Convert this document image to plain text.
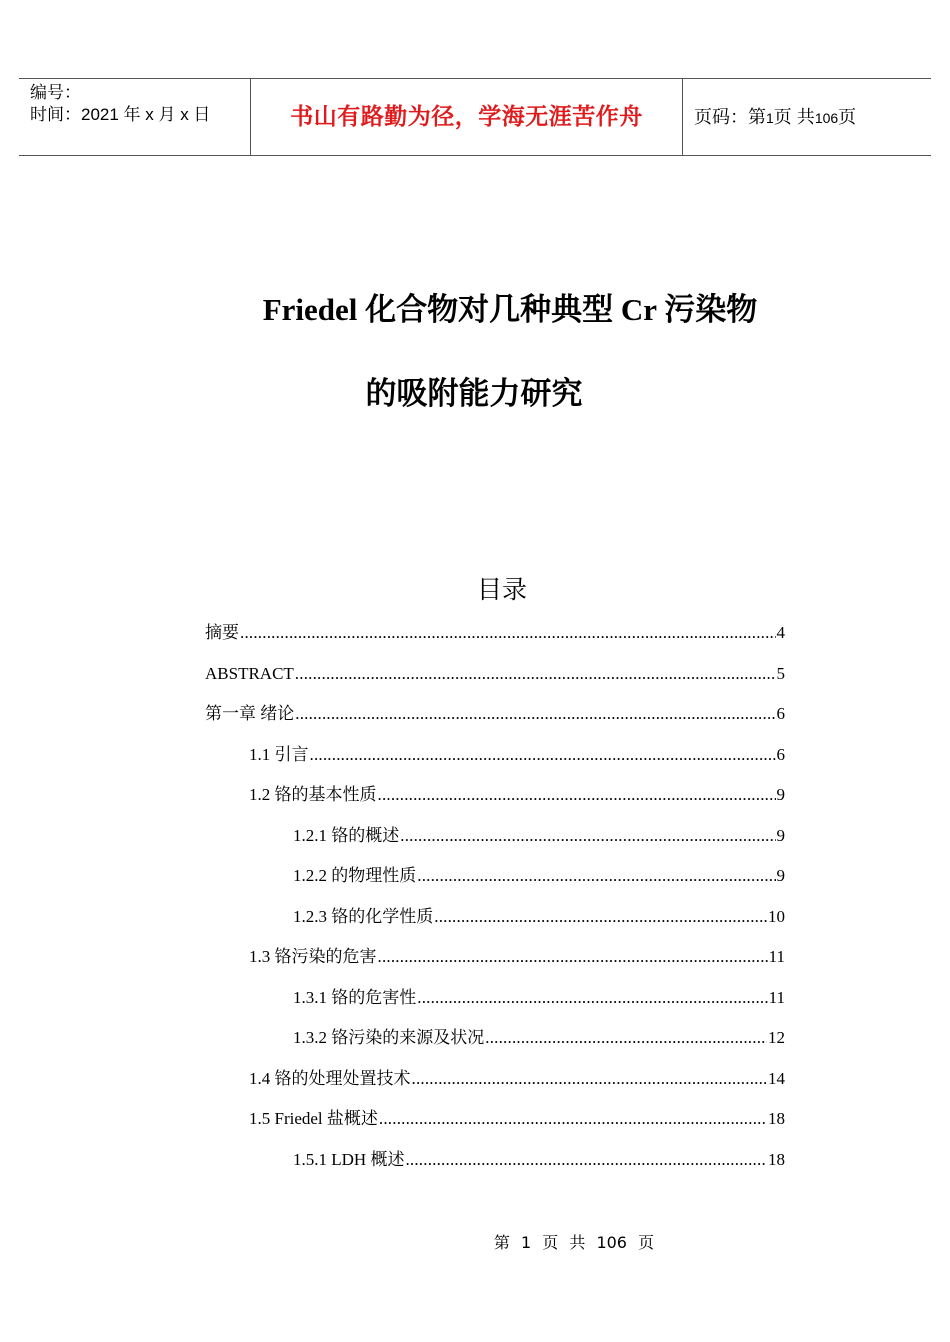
编号：
时间：2021 年 x 月 x 日	书山有路勤为径，学海无涯苦作舟	页码：第1页 共106页
Friedel 化合物对几种典型 Cr 污染物
的吸附能力研究
目录
摘要 .....	4
ABSTRACT .....	5
第一章 绪论 .....	6
1.1 引言 .....	6
1.2 铬的基本性质 .....	9
1.2.1 铬的概述 .....	9
1.2.2 的物理性质 .....	9
1.2.3 铬的化学性质 .....	10
1.3 铬污染的危害 .....	11
1.3.1 铬的危害性 .....	11
1.3.2 铬污染的来源及状况 .....	12
1.4 铬的处理处置技术 .....	14
1.5 Friedel 盐概述 .....	18
1.5.1 LDH 概述 .....	18
第 1 页 共 106 页
